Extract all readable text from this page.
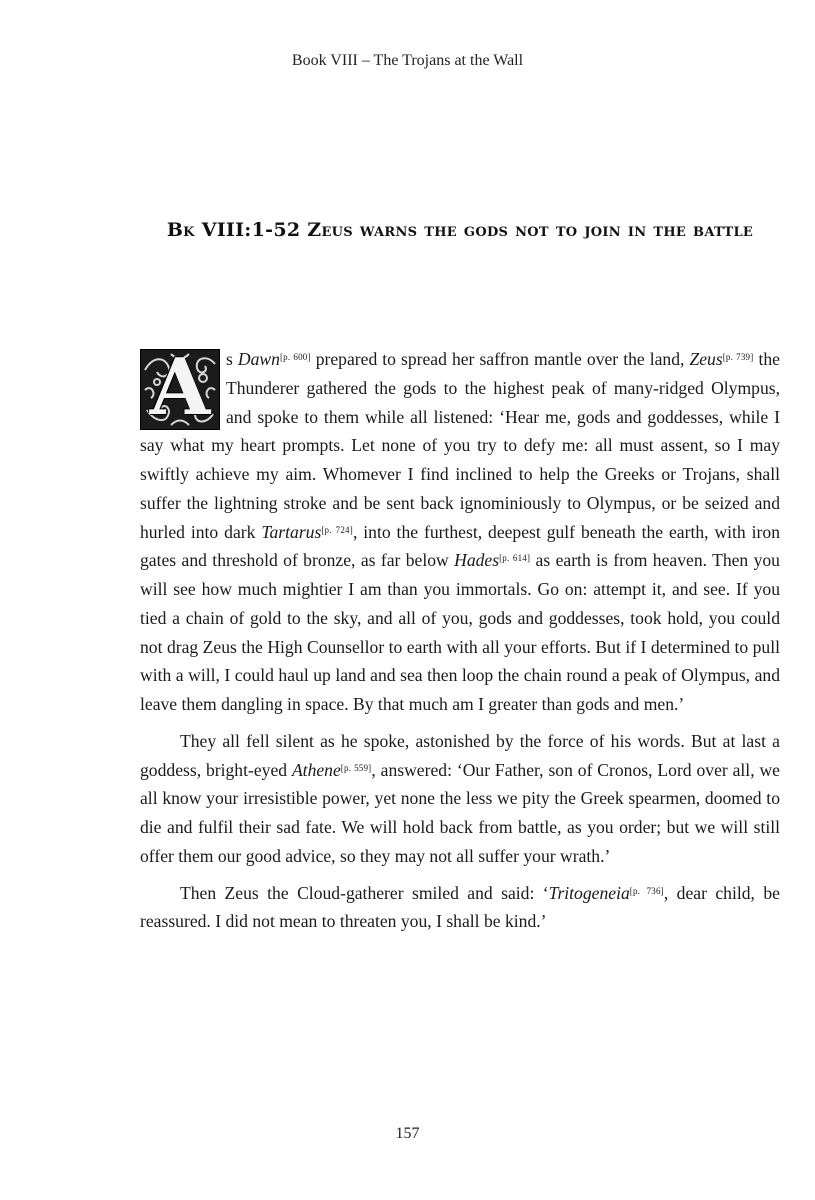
Book VIII – The Trojans at the Wall
Bk VIII:1-52 Zeus warns the gods not to join in the battle

A s Dawn[p. 600] prepared to spread her saffron mantle over the land, Zeus[p. 739] the Thunderer gathered the gods to the highest peak of many-ridged Olympus, and spoke to them while all listened: ‘Hear me, gods and goddesses, while I say what my heart prompts. Let none of you try to defy me: all must assent, so I may swiftly achieve my aim. Whomever I find inclined to help the Greeks or Trojans, shall suffer the lightning stroke and be sent back ignominiously to Olympus, or be seized and hurled into dark Tartarus[p. 724], into the furthest, deepest gulf beneath the earth, with iron gates and threshold of bronze, as far below Hades[p. 614] as earth is from heaven. Then you will see how much mightier I am than you immortals. Go on: attempt it, and see. If you tied a chain of gold to the sky, and all of you, gods and goddesses, took hold, you could not drag Zeus the High Counsellor to earth with all your efforts. But if I determined to pull with a will, I could haul up land and sea then loop the chain round a peak of Olympus, and leave them dangling in space. By that much am I greater than gods and men.’

They all fell silent as he spoke, astonished by the force of his words. But at last a goddess, bright-eyed Athene[p. 559], answered: ‘Our Father, son of Cronos, Lord over all, we all know your irresistible power, yet none the less we pity the Greek spearmen, doomed to die and fulfil their sad fate. We will hold back from battle, as you order; but we will still offer them our good advice, so they may not all suffer your wrath.’

Then Zeus the Cloud-gatherer smiled and said: ‘Tritogeneia[p. 736], dear child, be reassured. I did not mean to threaten you, I shall be kind.’

157
